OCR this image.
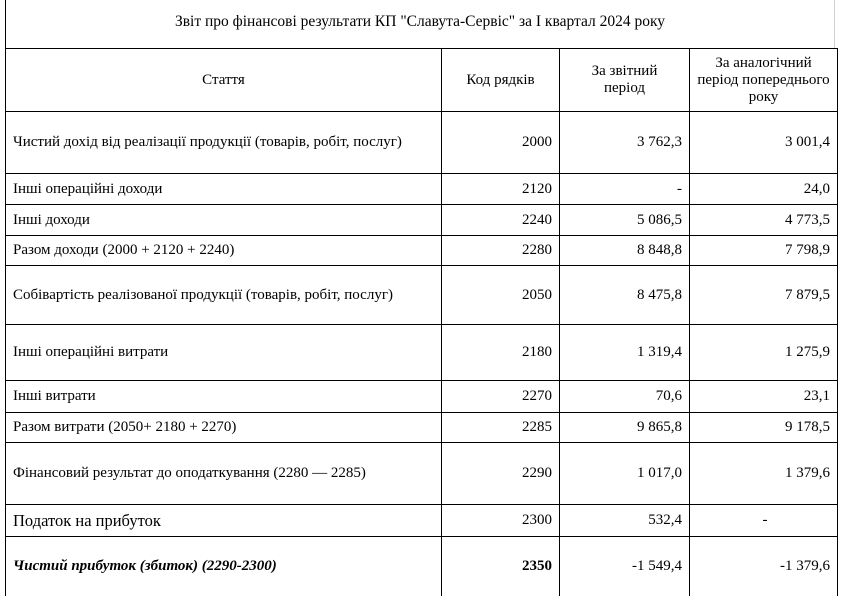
Звіт про фінансові результати КП "Славута-Сервіс" за І квартал 2024 року
Стаття	Код рядків	За звітний період	За аналогічний період попереднього року
Чистий дохід від реалізації продукції (товарів, робіт, послуг)	2000	3 762,3	3 001,4
Інші операційні доходи	2120	-	24,0
Інші доходи	2240	5 086,5	4 773,5
Разом доходи (2000 + 2120 + 2240)	2280	8 848,8	7 798,9
Собівартість реалізованої продукції (товарів, робіт, послуг)	2050	8 475,8	7 879,5
Інші операційні витрати	2180	1 319,4	1 275,9
Інші витрати	2270	70,6	23,1
Разом витрати (2050+ 2180 + 2270)	2285	9 865,8	9 178,5
Фінансовий результат до оподаткування (2280 — 2285)	2290	1 017,0	1 379,6
Податок на прибуток	2300	532,4	-
Чистий прибуток (збиток) (2290-2300)	2350	-1 549,4	-1 379,6
